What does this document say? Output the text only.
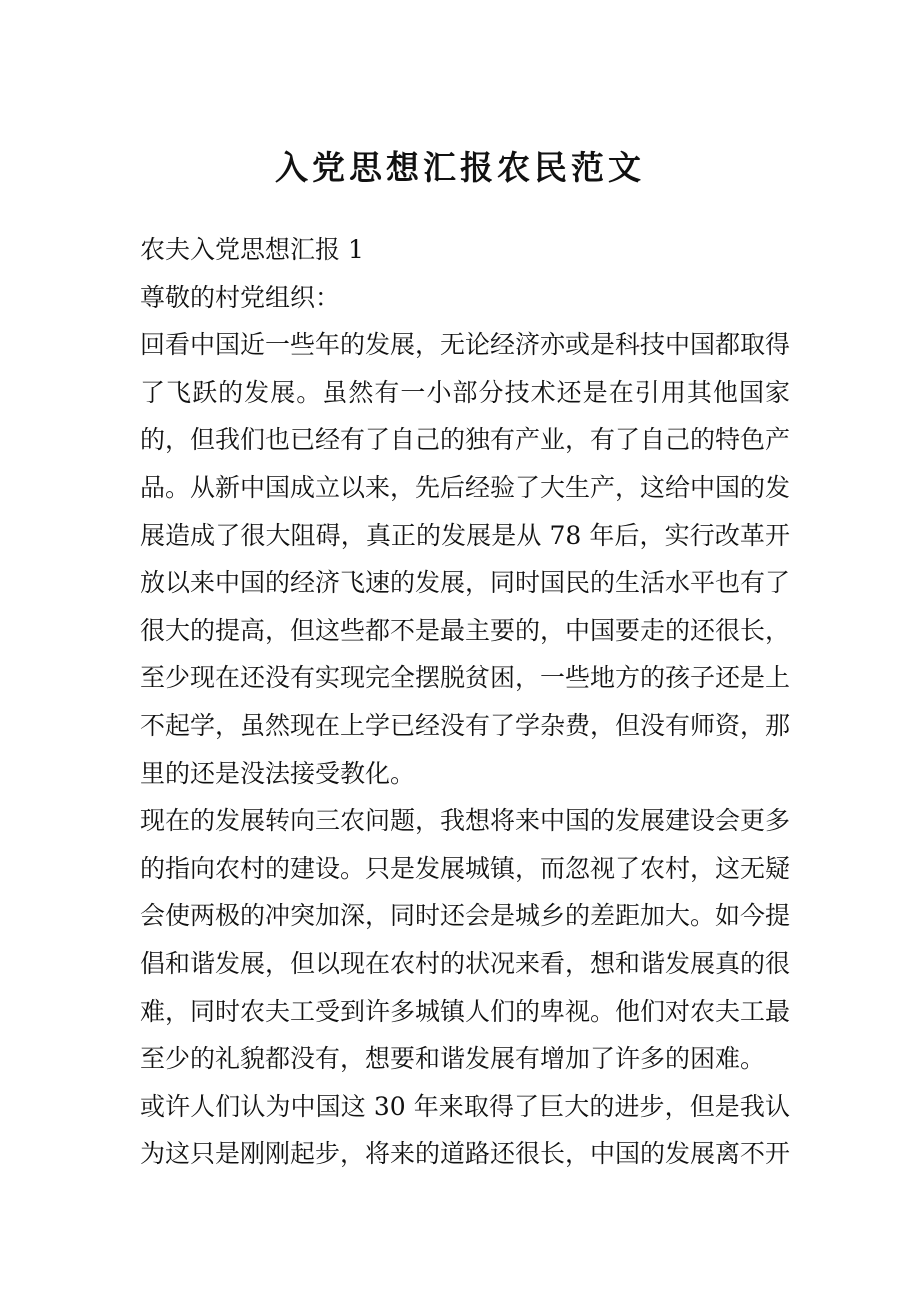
入党思想汇报农民范文

农夫入党思想汇报 1

尊敬的村党组织：

回看中国近一些年的发展，无论经济亦或是科技中国都取得了飞跃的发展。虽然有一小部分技术还是在引用其他国家的，但我们也已经有了自己的独有产业，有了自己的特色产品。从新中国成立以来，先后经验了大生产，这给中国的发展造成了很大阻碍，真正的发展是从 78 年后，实行改革开放以来中国的经济飞速的发展，同时国民的生活水平也有了很大的提高，但这些都不是最主要的，中国要走的还很长，至少现在还没有实现完全摆脱贫困，一些地方的孩子还是上不起学，虽然现在上学已经没有了学杂费，但没有师资，那里的还是没法接受教化。

现在的发展转向三农问题，我想将来中国的发展建设会更多的指向农村的建设。只是发展城镇，而忽视了农村，这无疑会使两极的冲突加深，同时还会是城乡的差距加大。如今提倡和谐发展，但以现在农村的状况来看，想和谐发展真的很难，同时农夫工受到许多城镇人们的卑视。他们对农夫工最至少的礼貌都没有，想要和谐发展有增加了许多的困难。

或许人们认为中国这 30 年来取得了巨大的进步，但是我认为这只是刚刚起步，将来的道路还很长，中国的发展离不开
